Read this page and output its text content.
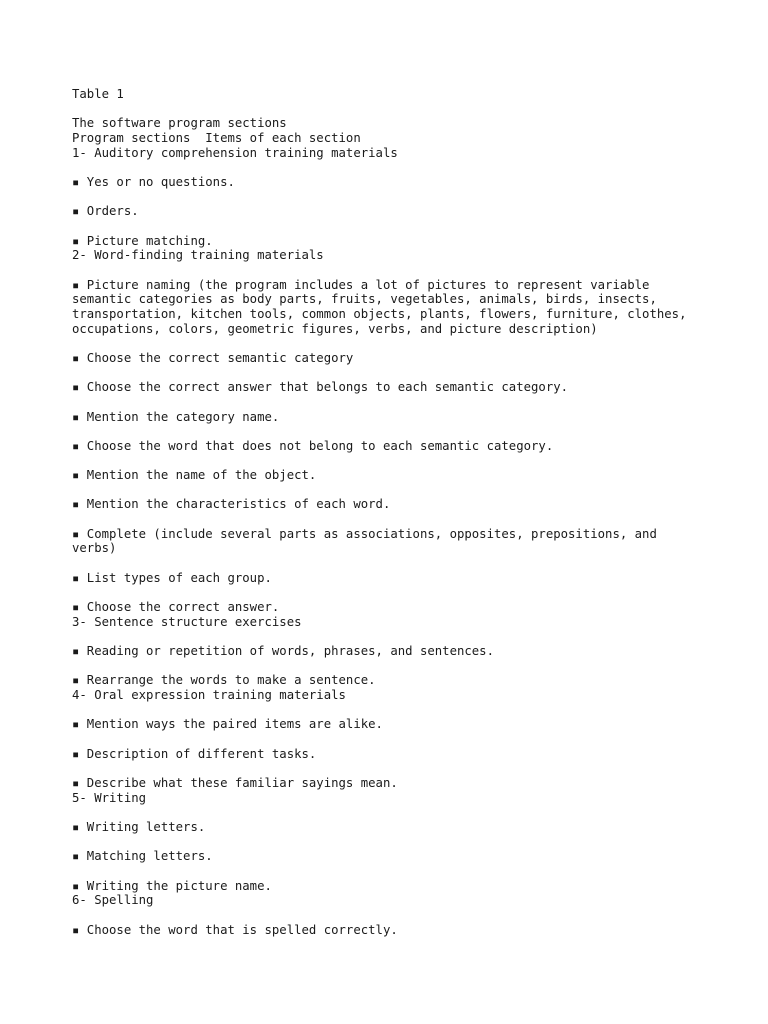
Table 1
The software program sections
Program sections  Items of each section
1- Auditory comprehension training materials
▪ Yes or no questions.
▪ Orders.
▪ Picture matching.
2- Word-finding training materials
▪ Picture naming (the program includes a lot of pictures to represent variable semantic categories as body parts, fruits, vegetables, animals, birds, insects, transportation, kitchen tools, common objects, plants, flowers, furniture, clothes, occupations, colors, geometric figures, verbs, and picture description)
▪ Choose the correct semantic category
▪ Choose the correct answer that belongs to each semantic category.
▪ Mention the category name.
▪ Choose the word that does not belong to each semantic category.
▪ Mention the name of the object.
▪ Mention the characteristics of each word.
▪ Complete (include several parts as associations, opposites, prepositions, and verbs)
▪ List types of each group.
▪ Choose the correct answer.
3- Sentence structure exercises
▪ Reading or repetition of words, phrases, and sentences.
▪ Rearrange the words to make a sentence.
4- Oral expression training materials
▪ Mention ways the paired items are alike.
▪ Description of different tasks.
▪ Describe what these familiar sayings mean.
5- Writing
▪ Writing letters.
▪ Matching letters.
▪ Writing the picture name.
6- Spelling
▪ Choose the word that is spelled correctly.
